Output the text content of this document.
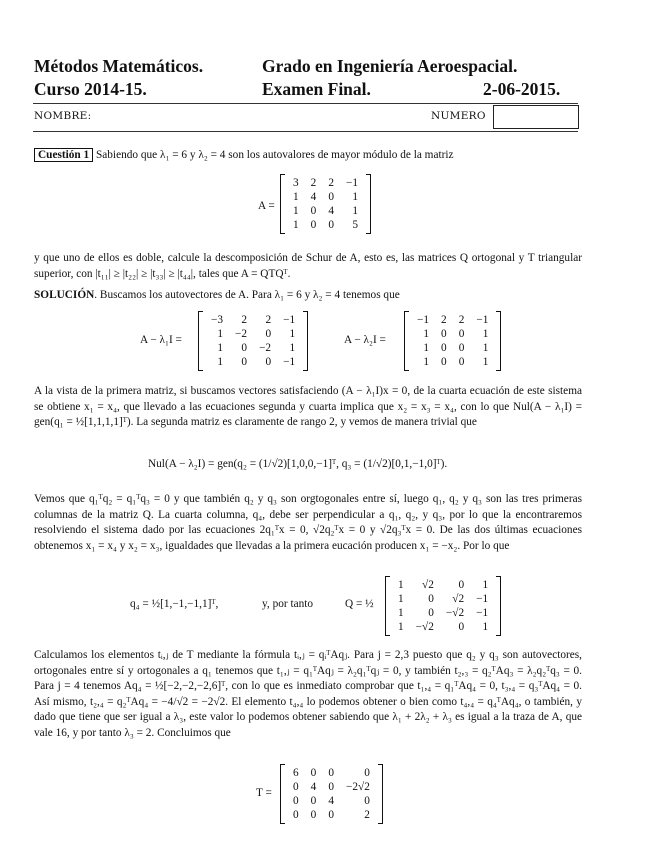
Métodos Matemáticos.	Grado en Ingeniería Aeroespacial.
Curso 2014-15.	Examen Final.	2-06-2015.
NOMBRE:	NUMERO
Cuestión 1 Sabiendo que λ₁ = 6 y λ₂ = 4 son los autovalores de mayor módulo de la matriz
A =
3	2	2	−1
1	4	0	1
1	0	4	1
1	0	0	5
y que uno de ellos es doble, calcule la descomposición de Schur de A, esto es, las matrices Q ortogonal y T triangular superior, con |t₁₁| ≥ |t₂₂| ≥ |t₃₃| ≥ |t₄₄|, tales que A = QTQᵀ.
SOLUCIÓN. Buscamos los autovectores de A. Para λ₁ = 6 y λ₂ = 4 tenemos que
A − λ₁I =
−3	2	2	−1
1	−2	0	1
1	0	−2	1
1	0	0	−1
A − λ₂I =
−1	2	2	−1
1	0	0	1
1	0	0	1
1	0	0	1
A la vista de la primera matriz, si buscamos vectores satisfaciendo (A − λ₁I)x = 0, de la cuarta ecuación de este sistema se obtiene x₁ = x₄, que llevado a las ecuaciones segunda y cuarta implica que x₂ = x₃ = x₄, con lo que Nul(A − λ₁I) = gen(q₁ = ½[1,1,1,1]ᵀ). La segunda matriz es claramente de rango 2, y vemos de manera trivial que
Nul(A − λ₂I) = gen(q₂ = (1/√2)[1,0,0,−1]ᵀ, q₃ = (1/√2)[0,1,−1,0]ᵀ).
Vemos que q₁ᵀq₂ = q₁ᵀq₃ = 0 y que también q₂ y q₃ son orgtogonales entre sí, luego q₁, q₂ y q₃ son las tres primeras columnas de la matriz Q. La cuarta columna, q₄, debe ser perpendicular a q₁, q₂, y q₃, por lo que la encontraremos resolviendo el sistema dado por las ecuaciones 2q₁ᵀx = 0, √2q₂ᵀx = 0 y √2q₃ᵀx = 0. De las dos últimas ecuaciones obtenemos x₁ = x₄ y x₂ = x₃, igualdades que llevadas a la primera eucación producen x₁ = −x₂. Por lo que
q₄ = ½[1,−1,−1,1]ᵀ,	y, por tanto	Q = ½
1	√2	0	1
1	0	√2	−1
1	0	−√2	−1
1	−√2	0	1
Calculamos los elementos tᵢ,ⱼ de T mediante la fórmula tᵢ,ⱼ = qᵢᵀAqⱼ. Para j = 2,3 puesto que q₂ y q₃ son autovectores, ortogonales entre sí y ortogonales a q₁ tenemos que t₁,ⱼ = q₁ᵀAqⱼ = λ₂q₁ᵀqⱼ = 0, y también t₂,₃ = q₂ᵀAq₃ = λ₂q₂ᵀq₃ = 0. Para j = 4 tenemos Aq₄ = ½[−2,−2,−2,6]ᵀ, con lo que es inmediato comprobar que t₁,₄ = q₁ᵀAq₄ = 0, t₃,₄ = q₃ᵀAq₄ = 0. Así mismo, t₂,₄ = q₂ᵀAq₄ = −4/√2 = −2√2. El elemento t₄,₄ lo podemos obtener o bien como t₄,₄ = q₄ᵀAq₄, o también, y dado que tiene que ser igual a λ₃, este valor lo podemos obtener sabiendo que λ₁ + 2λ₂ + λ₃ es igual a la traza de A, que vale 16, y por tanto λ₃ = 2. Concluimos que
T =
6	0	0	0
0	4	0	−2√2
0	0	4	0
0	0	0	2
